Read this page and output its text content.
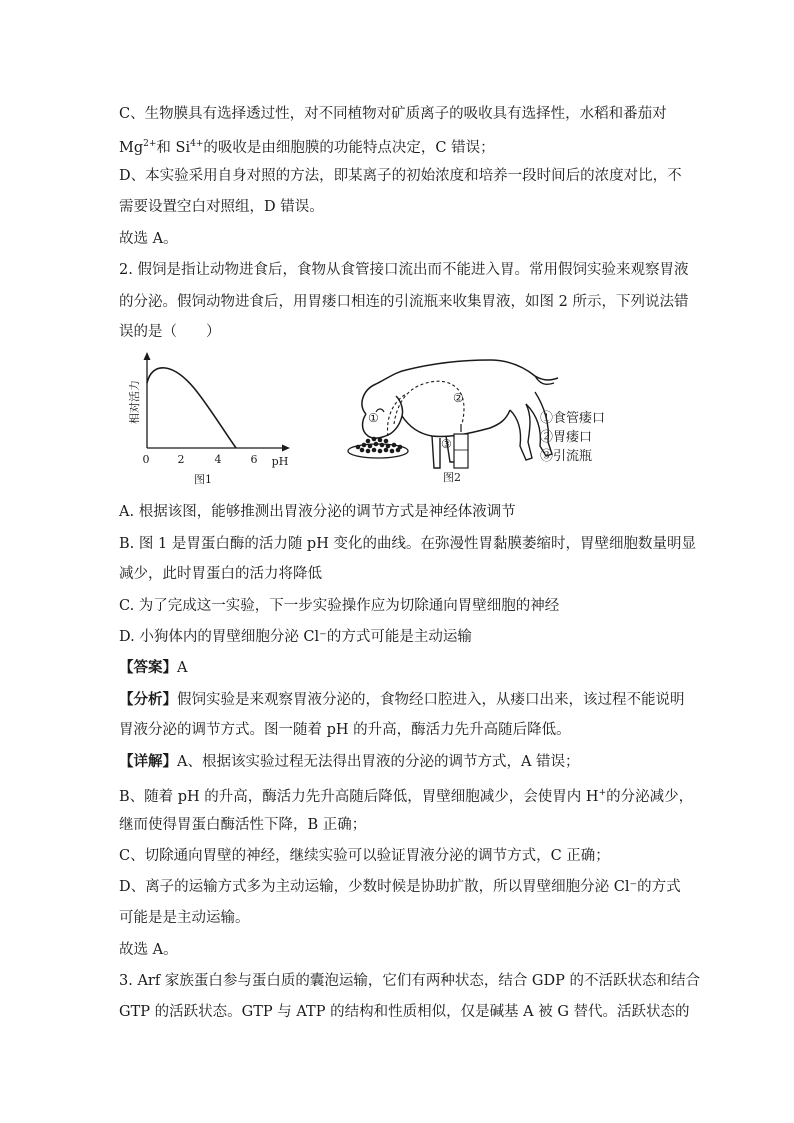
C、生物膜具有选择透过性，对不同植物对矿质离子的吸收具有选择性，水稻和番茄对
$Mg^{2+}$和 $Si^{4+}$的吸收是由细胞膜的功能特点决定，C 错误；
D、本实验采用自身对照的方法，即某离子的初始浓度和培养一段时间后的浓度对比，不
需要设置空白对照组，D 错误。
故选 A。
2. 假饲是指让动物进食后，食物从食管接口流出而不能进入胃。常用假饲实验来观察胃液
的分泌。假饲动物进食后，用胃瘘口相连的引流瓶来收集胃液，如图 2 所示，下列说法错
误的是（　　）
相对活力
0	2	4	6 pH
图1
①
②
③
①食管瘘口
②胃瘘口
③引流瓶
图2
A. 根据该图，能够推测出胃液分泌的调节方式是神经体液调节
B. 图 1 是胃蛋白酶的活力随 pH 变化的曲线。在弥漫性胃黏膜萎缩时，胃壁细胞数量明显
减少，此时胃蛋白的活力将降低
C. 为了完成这一实验，下一步实验操作应为切除通向胃壁细胞的神经
D. 小狗体内的胃壁细胞分泌 Cl⁻的方式可能是主动运输
【答案】A
【分析】假饲实验是来观察胃液分泌的，食物经口腔进入，从瘘口出来，该过程不能说明
胃液分泌的调节方式。图一随着 pH 的升高，酶活力先升高随后降低。
【详解】A、根据该实验过程无法得出胃液的分泌的调节方式，A 错误；
B、随着 pH 的升高，酶活力先升高随后降低，胃壁细胞减少，会使胃内 H+的分泌减少，
继而使得胃蛋白酶活性下降，B 正确；
C、切除通向胃壁的神经，继续实验可以验证胃液分泌的调节方式，C 正确；
D、离子的运输方式多为主动运输，少数时候是协助扩散，所以胃壁细胞分泌 Cl⁻的方式
可能是是主动运输。
故选 A。
3. Arf 家族蛋白参与蛋白质的囊泡运输，它们有两种状态，结合 GDP 的不活跃状态和结合
GTP 的活跃状态。GTP 与 ATP 的结构和性质相似，仅是碱基 A 被 G 替代。活跃状态的
